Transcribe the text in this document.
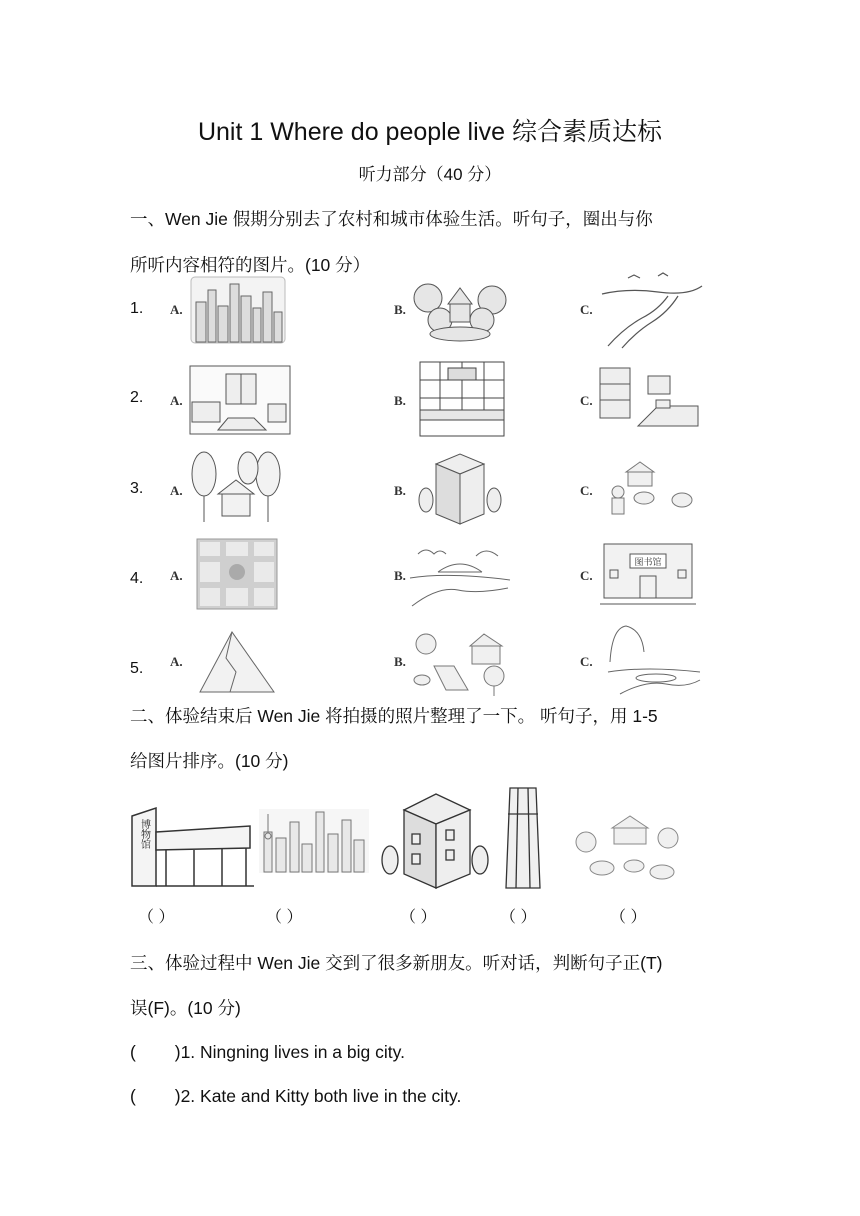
Unit 1 Where do people live 综合素质达标
听力部分（40 分）
一、Wen Jie 假期分别去了农村和城市体验生活。听句子，圈出与你
所听内容相符的图片。(10 分）
1. A.	B.	C.
2. A.	B.	C.
3. A.	B.	C.
4. A.	B.	C.
图书馆
5. A.	B.	C.
二、体验结束后 Wen Jie 将拍摄的照片整理了一下。 听句子，用 1-5
给图片排序。(10 分)
博物馆
（ ）	（ ）	（ ）	（ ）	（ ）
三、体验过程中 Wen Jie 交到了很多新朋友。听对话，判断句子正(T)
误(F)。(10 分)
(        )1. Ningning lives in a big city.
(        )2. Kate and Kitty both live in the city.
